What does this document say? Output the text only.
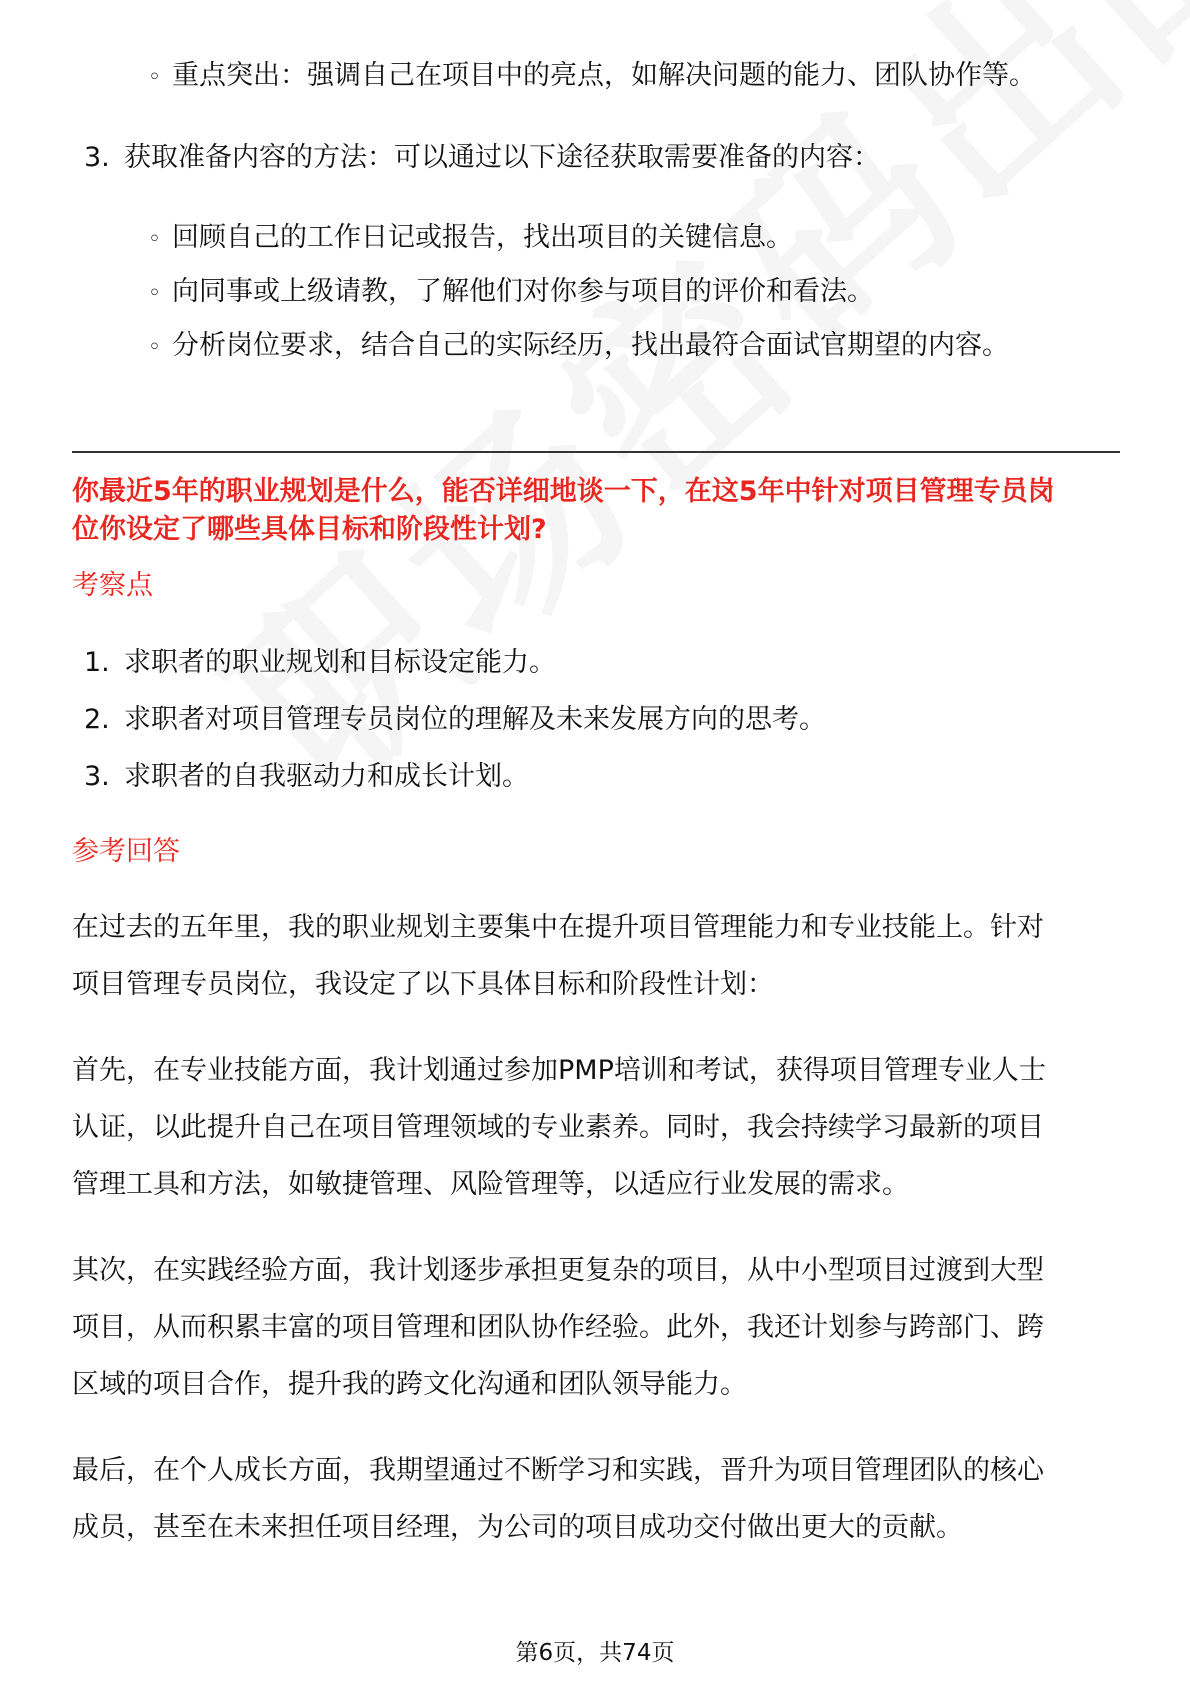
◦ 重点突出：强调自己在项目中的亮点，如解决问题的能力、团队协作等。
3. 获取准备内容的方法：可以通过以下途径获取需要准备的内容：
◦ 回顾自己的工作日记或报告，找出项目的关键信息。
◦ 向同事或上级请教，了解他们对你参与项目的评价和看法。
◦ 分析岗位要求，结合自己的实际经历，找出最符合面试官期望的内容。
你最近5年的职业规划是什么，能否详细地谈一下，在这5年中针对项目管理专员岗
位你设定了哪些具体目标和阶段性计划?
考察点
1. 求职者的职业规划和目标设定能力。
2. 求职者对项目管理专员岗位的理解及未来发展方向的思考。
3. 求职者的自我驱动力和成长计划。
参考回答
在过去的五年里，我的职业规划主要集中在提升项目管理能力和专业技能上。针对
项目管理专员岗位，我设定了以下具体目标和阶段性计划：
首先，在专业技能方面，我计划通过参加PMP培训和考试，获得项目管理专业人士
认证，以此提升自己在项目管理领域的专业素养。同时，我会持续学习最新的项目
管理工具和方法，如敏捷管理、风险管理等，以适应行业发展的需求。
其次，在实践经验方面，我计划逐步承担更复杂的项目，从中小型项目过渡到大型
项目，从而积累丰富的项目管理和团队协作经验。此外，我还计划参与跨部门、跨
区域的项目合作，提升我的跨文化沟通和团队领导能力。
最后，在个人成长方面，我期望通过不断学习和实践，晋升为项目管理团队的核心
成员，甚至在未来担任项目经理，为公司的项目成功交付做出更大的贡献。
第6页，共74页
